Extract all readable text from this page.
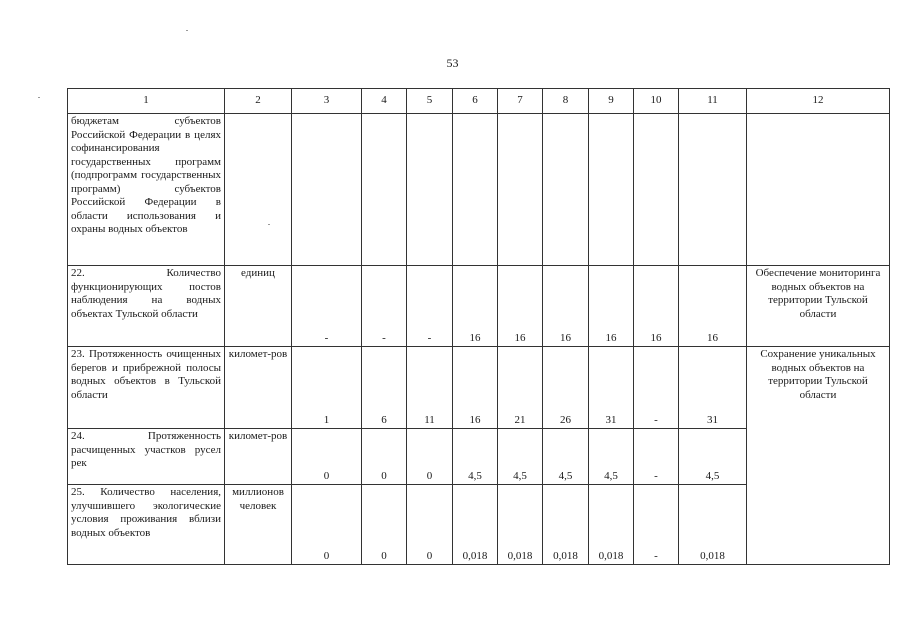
53
1	2	3	4	5	6	7	8	9	10	11	12
бюджетам субъектов Российской Федерации в целях софинансирования государственных программ (подпрограмм государственных программ) субъектов Российской Федерации в области использования и охраны водных объектов											
22. Количество функционирующих постов наблюдения на водных объектах Тульской области	единиц	-	-	-	16	16	16	16	16	16	Обеспечение мониторинга водных объектов на территории Тульской области
23. Протяженность очищенных берегов и прибрежной полосы водных объектов в Тульской области	километ-ров	1	6	11	16	21	26	31	-	31	Сохранение уникальных водных объектов на территории Тульской области
24. Протяженность расчищенных участков русел рек	километ-ров	0	0	0	4,5	4,5	4,5	4,5	-	4,5	
25. Количество населения, улучшившего экологические условия проживания вблизи водных объектов	миллионов человек	0	0	0	0,018	0,018	0,018	0,018	-	0,018	
